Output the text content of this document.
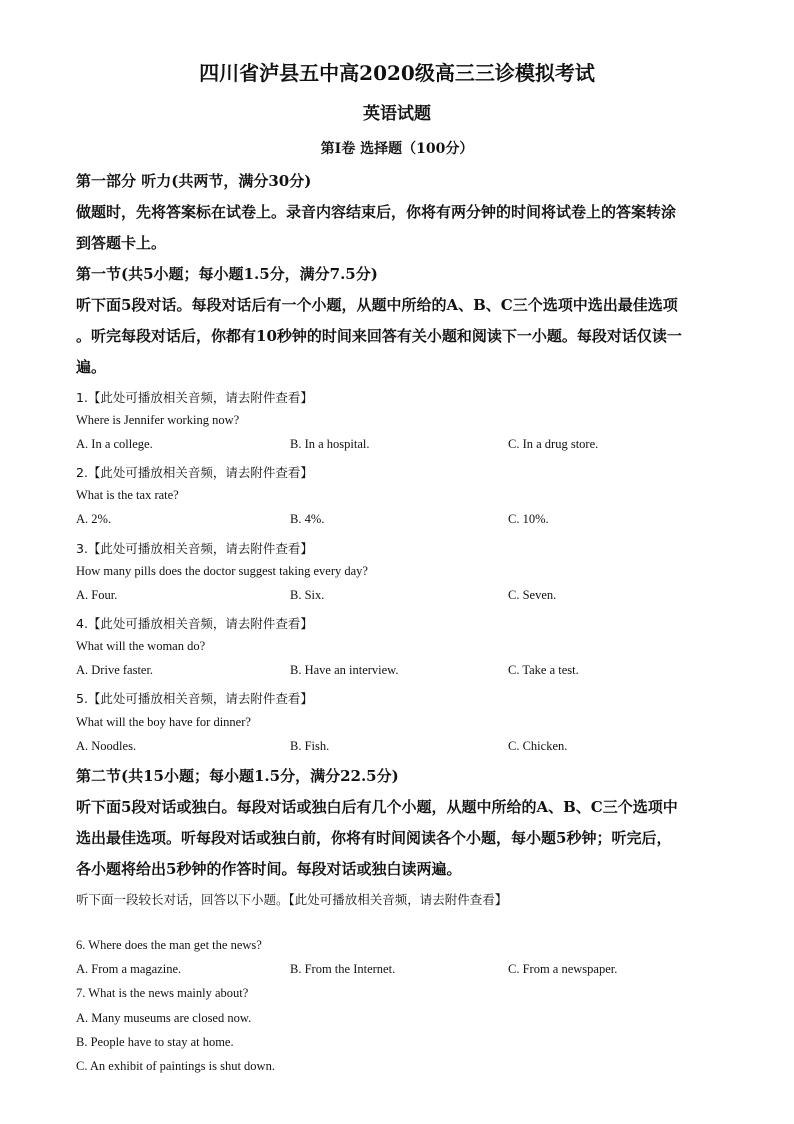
四川省泸县五中高2020级高三三诊模拟考试
英语试题
第I卷 选择题（100分）
第一部分 听力(共两节，满分30分)
做题时，先将答案标在试卷上。录音内容结束后，你将有两分钟的时间将试卷上的答案转涂
到答题卡上。
第一节(共5小题；每小题1.5分，满分7.5分)
听下面5段对话。每段对话后有一个小题，从题中所给的A、B、C三个选项中选出最佳选项
。听完每段对话后，你都有10秒钟的时间来回答有关小题和阅读下一小题。每段对话仅读一
遍。
1.【此处可播放相关音频，请去附件查看】
Where is Jennifer working now?
A. In a college.	B. In a hospital.	C. In a drug store.
2.【此处可播放相关音频，请去附件查看】
What is the tax rate?
A. 2%.	B. 4%.	C. 10%.
3.【此处可播放相关音频，请去附件查看】
How many pills does the doctor suggest taking every day?
A. Four.	B. Six.	C. Seven.
4.【此处可播放相关音频，请去附件查看】
What will the woman do?
A. Drive faster.	B. Have an interview.	C. Take a test.
5.【此处可播放相关音频，请去附件查看】
What will the boy have for dinner?
A. Noodles.	B. Fish.	C. Chicken.
第二节(共15小题；每小题1.5分，满分22.5分)
听下面5段对话或独白。每段对话或独白后有几个小题，从题中所给的A、B、C三个选项中
选出最佳选项。听每段对话或独白前，你将有时间阅读各个小题，每小题5秒钟；听完后，
各小题将给出5秒钟的作答时间。每段对话或独白读两遍。
听下面一段较长对话，回答以下小题。【此处可播放相关音频，请去附件查看】
6. Where does the man get the news?
A. From a magazine.	B. From the Internet.	C. From a newspaper.
7. What is the news mainly about?
A. Many museums are closed now.
B. People have to stay at home.
C. An exhibit of paintings is shut down.
